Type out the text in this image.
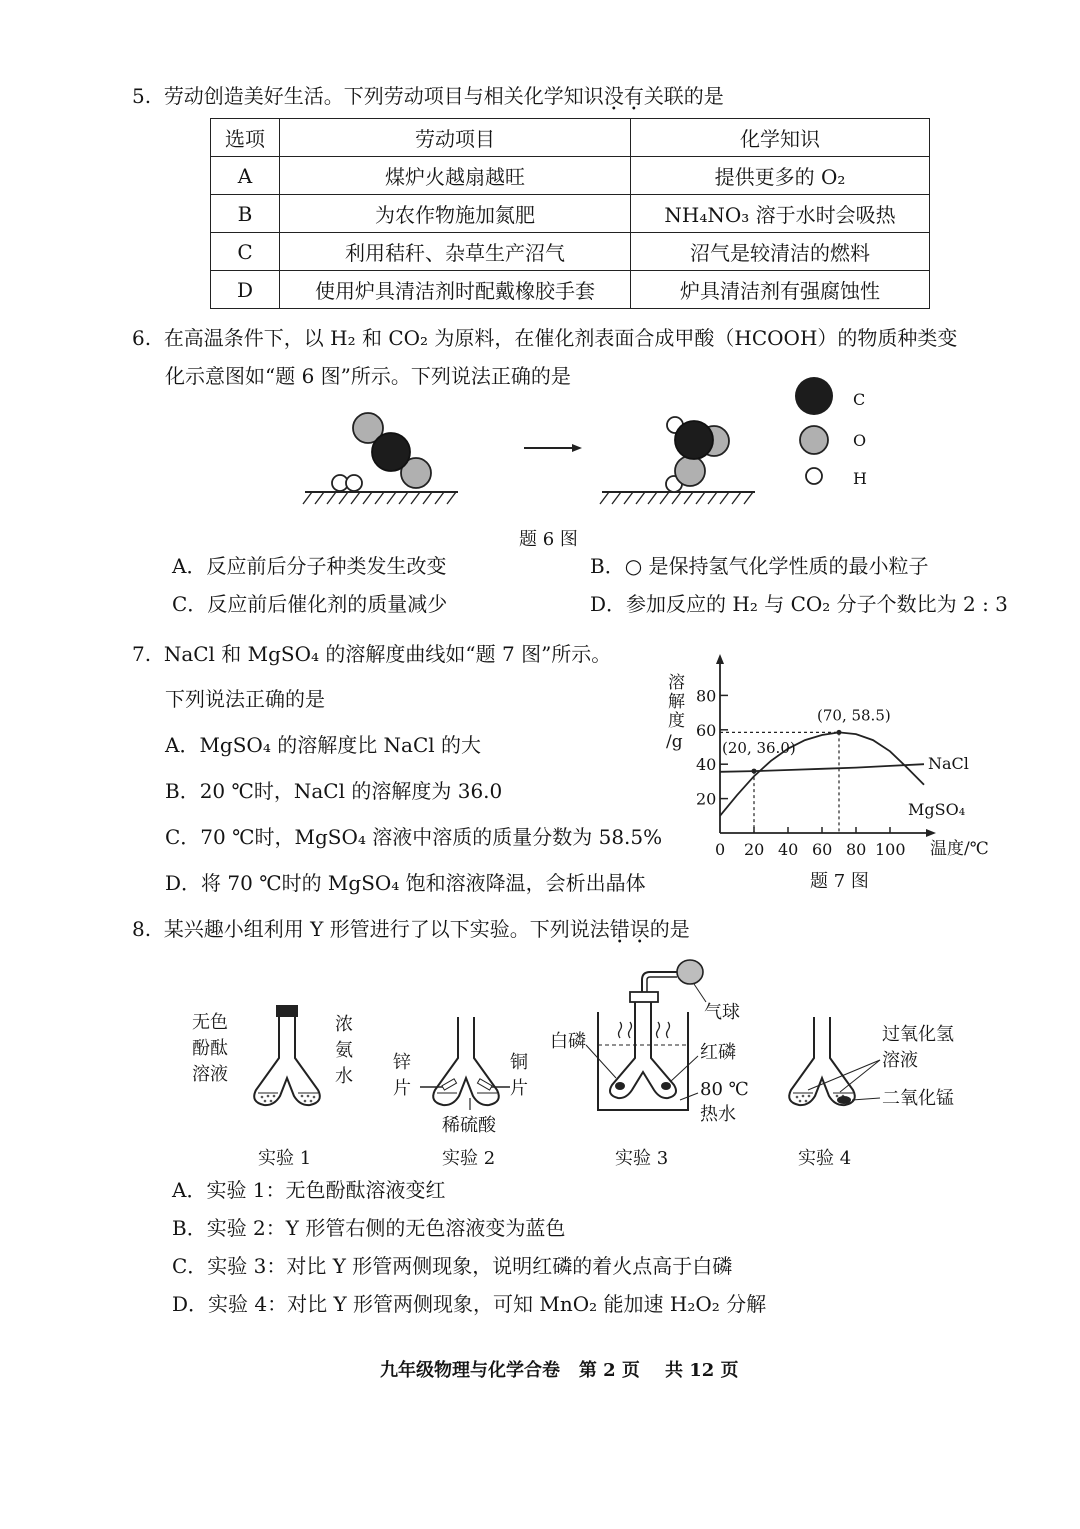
5. 劳动创造美好生活。下列劳动项目与相关化学知识没有关联的是
选项	劳动项目	化学知识
A	煤炉火越扇越旺	提供更多的 O₂
B	为农作物施加氮肥	NH₄NO₃ 溶于水时会吸热
C	利用秸秆、杂草生产沼气	沼气是较清洁的燃料
D	使用炉具清洁剂时配戴橡胶手套	炉具清洁剂有强腐蚀性
6. 在高温条件下，以 H₂ 和 CO₂ 为原料，在催化剂表面合成甲酸（HCOOH）的物质种类变
化示意图如“题 6 图”所示。下列说法正确的是
C
O
H
题 6 图
A．反应前后分子种类发生改变	B．○ 是保持氢气化学性质的最小粒子
C．反应前后催化剂的质量减少	D．参加反应的 H₂ 与 CO₂ 分子个数比为 2 : 3
7. NaCl 和 MgSO₄ 的溶解度曲线如“题 7 图”所示。
下列说法正确的是
A．MgSO₄ 的溶解度比 NaCl 的大
B．20 ℃时，NaCl 的溶解度为 36.0
C．70 ℃时，MgSO₄ 溶液中溶质的质量分数为 58.5%
D．将 70 ℃时的 MgSO₄ 饱和溶液降温，会析出晶体
溶
解
度
/g
20
40
60
80
0 20 40 60 80 100
(20, 36.0)
(70, 58.5)
NaCl
MgSO₄
温度/℃
题 7 图
8. 某兴趣小组利用 Y 形管进行了以下实验。下列说法错误的是
无色
酚酞
溶液
浓
氨
水
实验 1
锌
片
铜
片
稀硫酸
实验 2
气球
白磷
红磷
80 ℃
热水
实验 3
过氧化氢
溶液
二氧化锰
实验 4
A．实验 1：无色酚酞溶液变红
B．实验 2：Y 形管右侧的无色溶液变为蓝色
C．实验 3：对比 Y 形管两侧现象，说明红磷的着火点高于白磷
D．实验 4：对比 Y 形管两侧现象，可知 MnO₂ 能加速 H₂O₂ 分解
九年级物理与化学合卷 第 2 页 共 12 页
